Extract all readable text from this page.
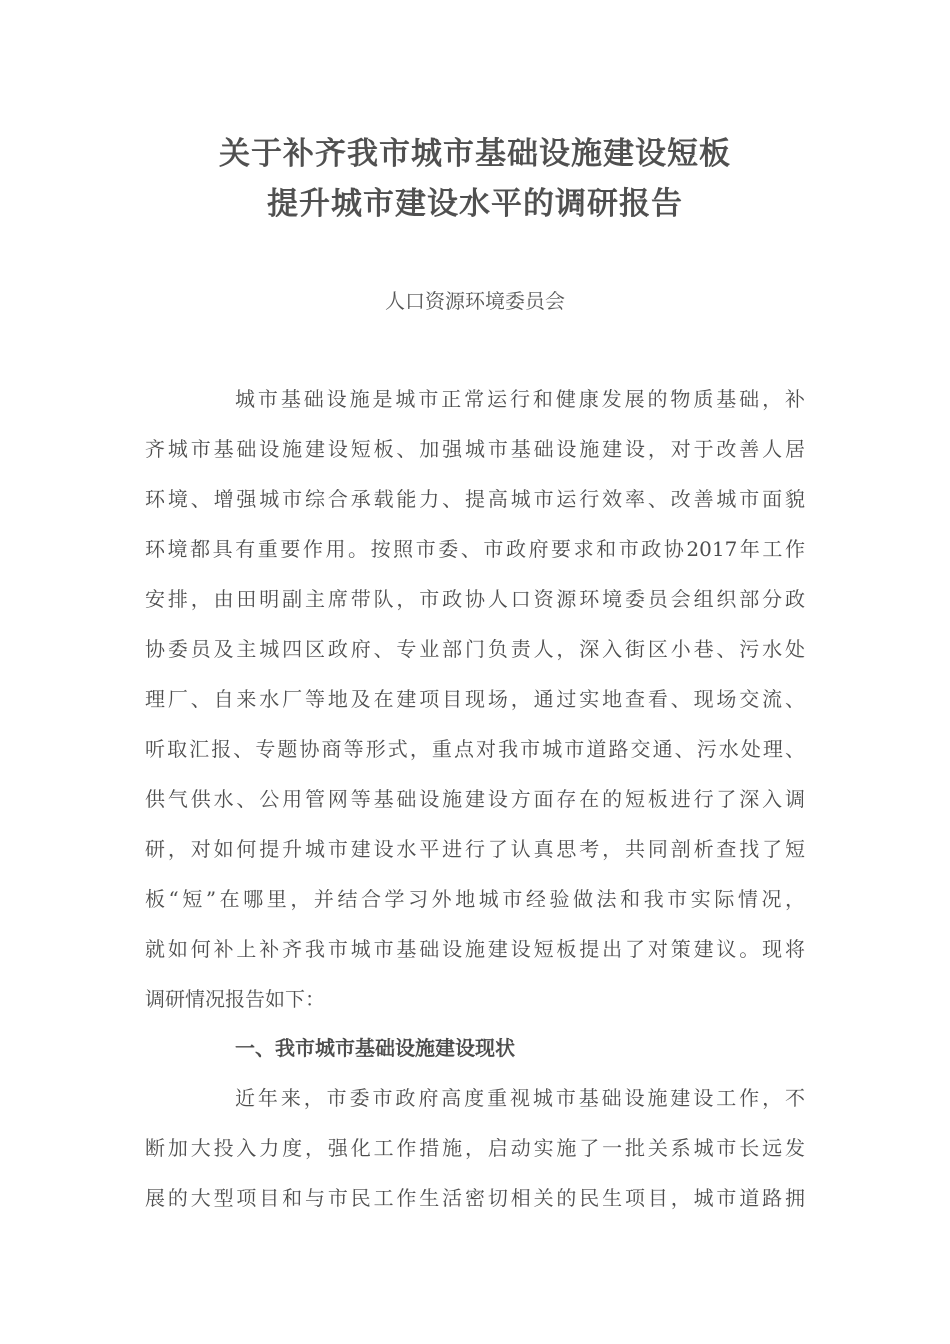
关于补齐我市城市基础设施建设短板
提升城市建设水平的调研报告
人口资源环境委员会
城市基础设施是城市正常运行和健康发展的物质基础，补
齐城市基础设施建设短板、加强城市基础设施建设，对于改善人居
环境、增强城市综合承载能力、提高城市运行效率、改善城市面貌
环境都具有重要作用。按照市委、市政府要求和市政协2017年工作
安排，由田明副主席带队，市政协人口资源环境委员会组织部分政
协委员及主城四区政府、专业部门负责人，深入街区小巷、污水处
理厂、自来水厂等地及在建项目现场，通过实地查看、现场交流、
听取汇报、专题协商等形式，重点对我市城市道路交通、污水处理、
供气供水、公用管网等基础设施建设方面存在的短板进行了深入调
研，对如何提升城市建设水平进行了认真思考，共同剖析查找了短
板“短”在哪里，并结合学习外地城市经验做法和我市实际情况，
就如何补上补齐我市城市基础设施建设短板提出了对策建议。现将
调研情况报告如下：
一、我市城市基础设施建设现状
近年来，市委市政府高度重视城市基础设施建设工作，不
断加大投入力度，强化工作措施，启动实施了一批关系城市长远发
展的大型项目和与市民工作生活密切相关的民生项目，城市道路拥
